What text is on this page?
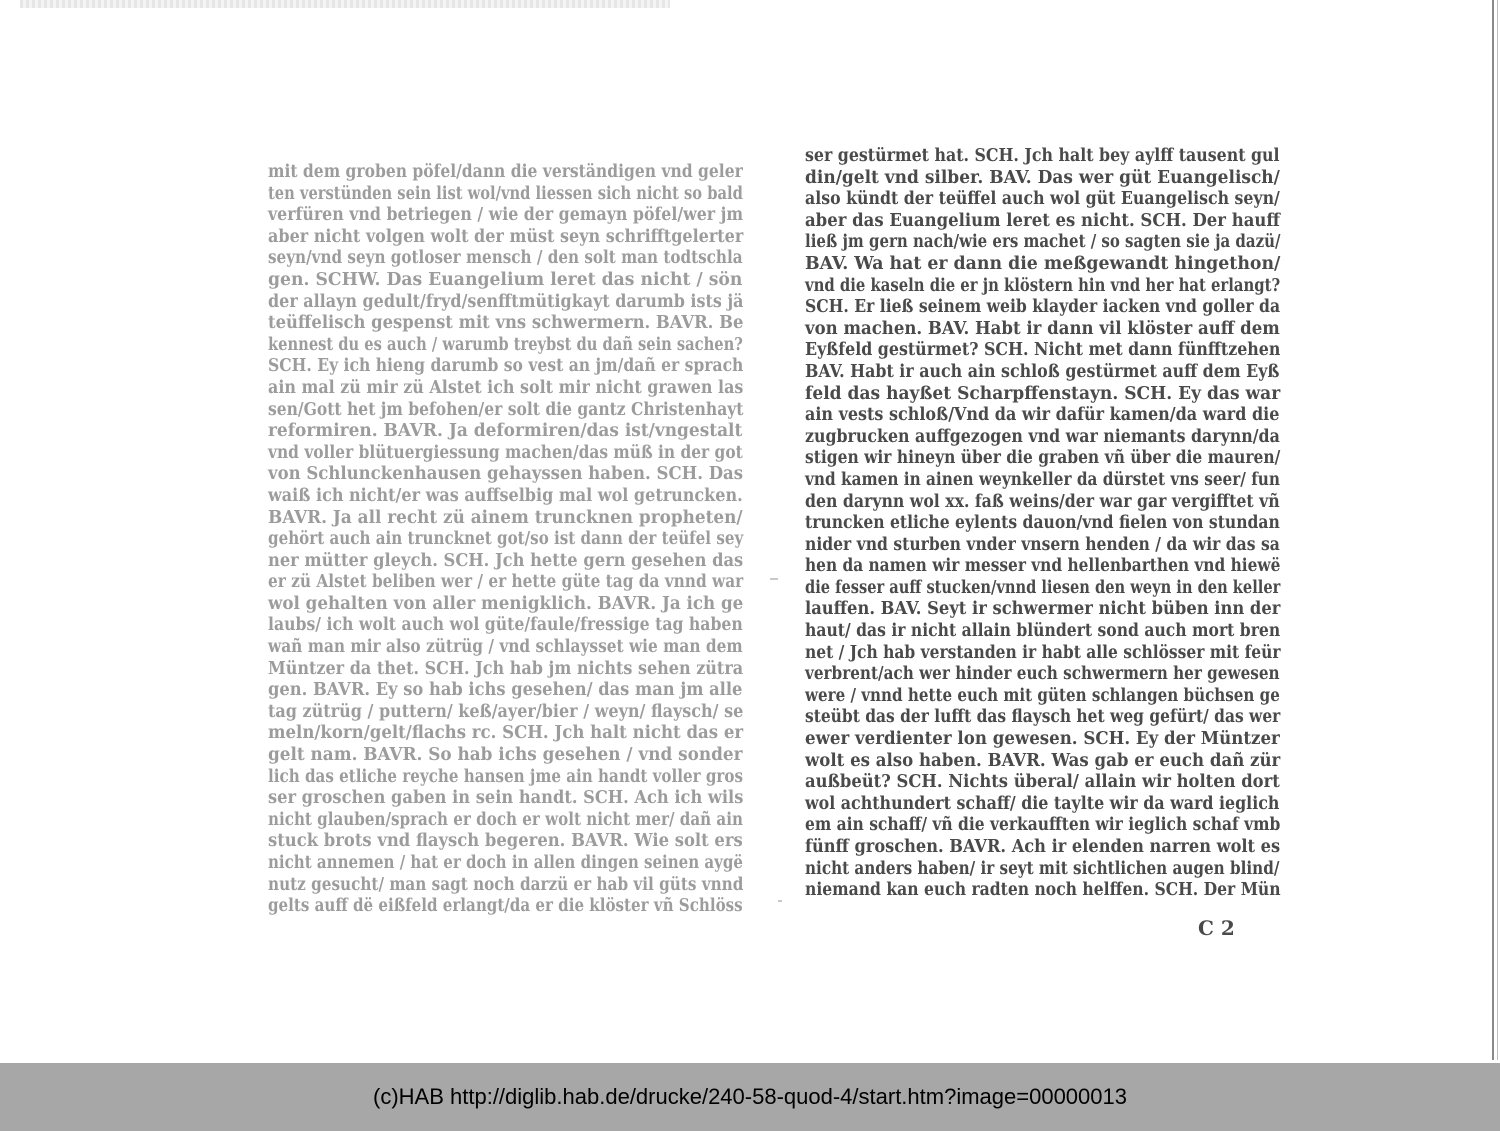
mit dem groben pöfel/dann die verständigen vnd geler
ten verstünden sein list wol/vnd liessen sich nicht so bald
verfüren vnd betriegen / wie der gemayn pöfel/wer jm
aber nicht volgen wolt der müst seyn schrifftgelerter
seyn/vnd seyn gotloser mensch / den solt man todtschla
gen. SCHW. Das Euangelium leret das nicht / sön
der allayn gedult/fryd/senfftmütigkayt darumb ists jä
teüffelisch gespenst mit vns schwermern. BAVR. Be
kennest du es auch / warumb treybst du dañ sein sachen?
SCH. Ey ich hieng darumb so vest an jm/dañ er sprach
ain mal zü mir zü Alstet ich solt mir nicht grawen las
sen/Gott het jm befohen/er solt die gantz Christenhayt
reformiren. BAVR. Ja deformiren/das ist/vngestalt
vnd voller blütuergiessung machen/das müß in der got
von Schlunckenhausen gehayssen haben. SCH. Das
waiß ich nicht/er was auffselbig mal wol getruncken.
BAVR. Ja all recht zü ainem truncknen propheten/
gehört auch ain truncknet got/so ist dann der teüfel sey
ner mütter gleych. SCH. Jch hette gern gesehen das
er zü Alstet beliben wer / er hette güte tag da vnnd war
wol gehalten von aller menigklich. BAVR. Ja ich ge
laubs/ ich wolt auch wol güte/faule/fressige tag haben
wañ man mir also zütrüg / vnd schlaysset wie man dem
Müntzer da thet. SCH. Jch hab jm nichts sehen zütra
gen. BAVR. Ey so hab ichs gesehen/ das man jm alle
tag zütrüg / puttern/ keß/ayer/bier / weyn/ flaysch/ se
meln/korn/gelt/flachs rc. SCH. Jch halt nicht das er
gelt nam. BAVR. So hab ichs gesehen / vnd sonder
lich das etliche reyche hansen jme ain handt voller gros
ser groschen gaben in sein handt. SCH. Ach ich wils
nicht glauben/sprach er doch er wolt nicht mer/ dañ ain
stuck brots vnd flaysch begeren. BAVR. Wie solt ers
nicht annemen / hat er doch in allen dingen seinen aygë
nutz gesucht/ man sagt noch darzü er hab vil güts vnnd
gelts auff dë eißfeld erlangt/da er die klöster vñ Schlöss
ser gestürmet hat. SCH. Jch halt bey aylff tausent gul
din/gelt vnd silber. BAV. Das wer güt Euangelisch/
also kündt der teüffel auch wol güt Euangelisch seyn/
aber das Euangelium leret es nicht. SCH. Der hauff
ließ jm gern nach/wie ers machet / so sagten sie ja dazü/
BAV. Wa hat er dann die meßgewandt hingethon/
vnd die kaseln die er jn klöstern hin vnd her hat erlangt?
SCH. Er ließ seinem weib klayder iacken vnd goller da
von machen. BAV. Habt ir dann vil klöster auff dem
Eyßfeld gestürmet? SCH. Nicht met dann fünfftzehen
BAV. Habt ir auch ain schloß gestürmet auff dem Eyß
feld das hayßet Scharpffenstayn. SCH. Ey das war
ain vests schloß/Vnd da wir dafür kamen/da ward die
zugbrucken auffgezogen vnd war niemants darynn/da
stigen wir hineyn über die graben vñ über die mauren/
vnd kamen in ainen weynkeller da dürstet vns seer/ fun
den darynn wol xx. faß weins/der war gar vergifftet vñ
truncken etliche eylents dauon/vnd fielen von stundan
nider vnd sturben vnder vnsern henden / da wir das sa
hen da namen wir messer vnd hellenbarthen vnd hiewë
die fesser auff stucken/vnnd liesen den weyn in den keller
lauffen. BAV. Seyt ir schwermer nicht büben inn der
haut/ das ir nicht allain blündert sond auch mort bren
net / Jch hab verstanden ir habt alle schlösser mit feür
verbrent/ach wer hinder euch schwermern her gewesen
were / vnnd hette euch mit güten schlangen büchsen ge
steübt das der lufft das flaysch het weg gefürt/ das wer
ewer verdienter lon gewesen. SCH. Ey der Müntzer
wolt es also haben. BAVR. Was gab er euch dañ zür
außbeüt? SCH. Nichts überal/ allain wir holten dort
wol achthundert schaff/ die taylte wir da ward ieglich
em ain schaff/ vñ die verkaufften wir ieglich schaf vmb
fünff groschen. BAVR. Ach ir elenden narren wolt es
nicht anders haben/ ir seyt mit sichtlichen augen blind/
niemand kan euch radten noch helffen. SCH. Der Mün
C 2
(c)HAB http://diglib.hab.de/drucke/240-58-quod-4/start.htm?image=00000013
